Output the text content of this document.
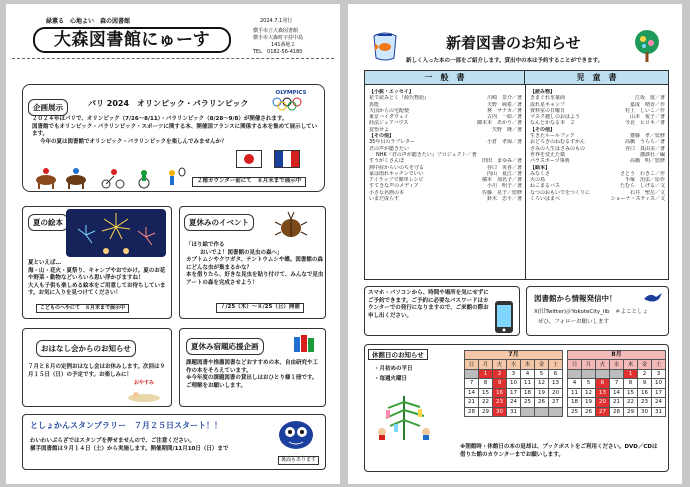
緑薫る　心地よい　森の図書館
大森図書館にゅーす
2024.7.1発行
横手市立大森図書館
横手市大森町字持中島
141番地２
TEL　 0182-56-4180
企画展示	パリ 2024　オリンピック・パラリンピック
OLYMPICS
２０２４年はパリで、オリンピック（7/26～8/11）・パラリンピック（8/28～9/8）が開催されます。
図書館でもオリンピック・パラリンピック・スポーツに関する本、開催国フランスに関係する本を集めて展示しています。
今年の夏は図書館でオリンピック・パラリンピックを楽しんでみませんか？
２階カウンター前にて　８月末まで展示中
夏の絵本
夏といえば…
海・山・花火・夏祭り、キャンプやおでかけ。夏のお花や野菜・動物などいろいろ思い浮かびますね！
大人も子供も楽しめる絵本をご用意してお待ちしています。お気に入りを見つけてください！
こどものへやにて　８月末まで展示中
夏休みのイベント
「ほり絵で作る
おいでよ！図書館の見虫の森へ」
カブトムシやクワガタ、テントウムシや蝶。図書館の森にどんな虫が集まるかな？
本を借りたら、好きな見虫を貼り付けて、みんなで見虫アートの森を完成させよう！
７/25（木）～８/25（日）開催
おはなし会からのお知らせ
７月と８月の定例おはなし会はお休みします。次回は９月１５日（日）の予定です。お楽しみに！
おやすみ
夏休み宿題応援企画
課題図書や推薦図書などおすすめの本、自由研究や工作の本をそろえています。
※今年度の課題図書の貸出しはおひとり様１冊です。ご理解をお願いします。
としょかんスタンプラリー　７月２５日スタート！！
わいわいぷらざではスタンプを押せませんので、ご注意ください。
横手図書館は９月１４日（土）から実施します。開催期間/11月10日（日）まで
裏面もあります
新着図書のお知らせ
新しく入った本の一部をご紹介します。貸出中の本は予約することができます。
一　般　書	児　童　書
【小説・エッセイ】	
花で読みとく『源氏物語』	川崎　景介／著
異能	天野　純希／著
天国からの宅配便	柊　サナカ／著
東京ハイダウェイ	古内　一絵／著
経法ジェアハウス	御木本　あかり／著
覚悟せよ	矢野　隆／著
【その他】	
35年目のラブレター	小倉　孝保／著
君の声が聴きたい	
NHK『君の声が聴きたい』プロジェクト／著	
すうがくさんぽ	田田　まゆみ／著
熱中症からいのちを守る	谷口　英喜／著
家は雨れキッチンでいい	内山　夏江／著
アイラップで簡単レシピ	橘本　加名子／著
すてきな声のメディア	小川　明子／著
小さな名画の本	佐藤　晃子／監修
いまだ成らず	鈴木　忠平／著
【読み物】	
きまぐれ氷菓商	江坂　遊／著
流れ星キャンプ	嘉成　晴香／作
資料室の日曜日	村上　しいこ／作
マスク越しのおはよう	山本　悦子／著
なんとかなる本　２	今北　ヒロキ／著
【その他】	
生きたルールブック	齋藤　孝／監修
おどろきのねむるずかん	高橋　うらら／著
さみの人生はさみのもの	谷口　真由美／著
世界を変えた薬	講談社／編
パラスポーツ事典	高橋　明／監修
【絵本】	
みなくさ	さとう　わきこ／作
火の鳥	手塚　治虫／原作
ねこまるバス	たむら　しげる／文
なつのおもいでをつくりに	石井　聖岳／文
くろいはまべ	ショーナ・スティス／文
スマホ・パソコンから、時間や場所を気にせずにご予約できます。ご予約に必要なパスワードはカウンターでの発行になりますので、ご来館の際お申し出ください。
図書館から情報発信中！
X(旧Twitter)＠YokoteCity_lib　＃よことしょ
ぜひ、フォローお願いします
休館日のお知らせ
・月初めの平日
・毎週火曜日
7月
日	月	火	水	木	金	土
	1	2	3	4	5	6
7	8	9	10	11	12	13
14	15	16	17	18	19	20
21	22	23	24	25	26	27
28	29	30	31			
8月
日	月	火	水	木	金	土
				1	2	3
4	5	6	7	8	9	10
11	12	13	14	15	16	17
18	19	20	21	22	23	24
25	26	27	28	29	30	31
※閉館時・休館日の本の返却は、ブックポストをご利用ください。DVD／CDは借りた館のカウンターまでお願いします。
